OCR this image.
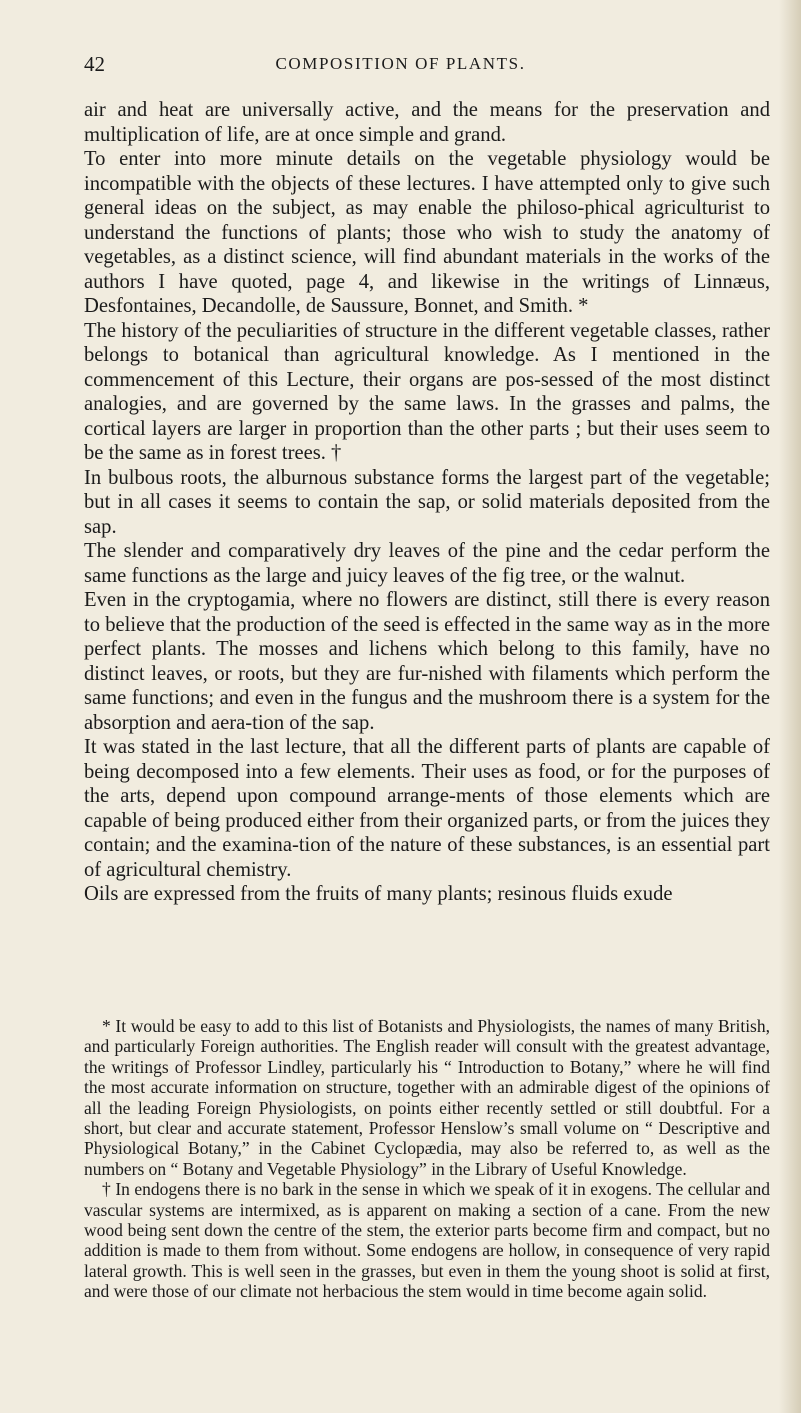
42	COMPOSITION OF PLANTS.

air and heat are universally active, and the means for the preservation and multiplication of life, are at once simple and grand.

To enter into more minute details on the vegetable physiology would be incompatible with the objects of these lectures. I have attempted only to give such general ideas on the subject, as may enable the philoso-phical agriculturist to understand the functions of plants; those who wish to study the anatomy of vegetables, as a distinct science, will find abundant materials in the works of the authors I have quoted, page 4, and likewise in the writings of Linnæus, Desfontaines, Decandolle, de Saussure, Bonnet, and Smith. *

The history of the peculiarities of structure in the different vegetable classes, rather belongs to botanical than agricultural knowledge. As I mentioned in the commencement of this Lecture, their organs are pos-sessed of the most distinct analogies, and are governed by the same laws. In the grasses and palms, the cortical layers are larger in proportion than the other parts ; but their uses seem to be the same as in forest trees. †

In bulbous roots, the alburnous substance forms the largest part of the vegetable; but in all cases it seems to contain the sap, or solid materials deposited from the sap.

The slender and comparatively dry leaves of the pine and the cedar perform the same functions as the large and juicy leaves of the fig tree, or the walnut.

Even in the cryptogamia, where no flowers are distinct, still there is every reason to believe that the production of the seed is effected in the same way as in the more perfect plants. The mosses and lichens which belong to this family, have no distinct leaves, or roots, but they are fur-nished with filaments which perform the same functions; and even in the fungus and the mushroom there is a system for the absorption and aera-tion of the sap.

It was stated in the last lecture, that all the different parts of plants are capable of being decomposed into a few elements. Their uses as food, or for the purposes of the arts, depend upon compound arrange-ments of those elements which are capable of being produced either from their organized parts, or from the juices they contain; and the examina-tion of the nature of these substances, is an essential part of agricultural chemistry.

Oils are expressed from the fruits of many plants; resinous fluids exude

* It would be easy to add to this list of Botanists and Physiologists, the names of many British, and particularly Foreign authorities. The English reader will consult with the greatest advantage, the writings of Professor Lindley, particularly his “ Introduction to Botany,” where he will find the most accurate information on structure, together with an admirable digest of the opinions of all the leading Foreign Physiologists, on points either recently settled or still doubtful. For a short, but clear and accurate statement, Professor Henslow’s small volume on “ Descriptive and Physiological Botany,” in the Cabinet Cyclopædia, may also be referred to, as well as the numbers on “ Botany and Vegetable Physiology” in the Library of Useful Knowledge.

† In endogens there is no bark in the sense in which we speak of it in exogens. The cellular and vascular systems are intermixed, as is apparent on making a section of a cane. From the new wood being sent down the centre of the stem, the exterior parts become firm and compact, but no addition is made to them from without. Some endogens are hollow, in consequence of very rapid lateral growth. This is well seen in the grasses, but even in them the young shoot is solid at first, and were those of our climate not herbacious the stem would in time become again solid.
